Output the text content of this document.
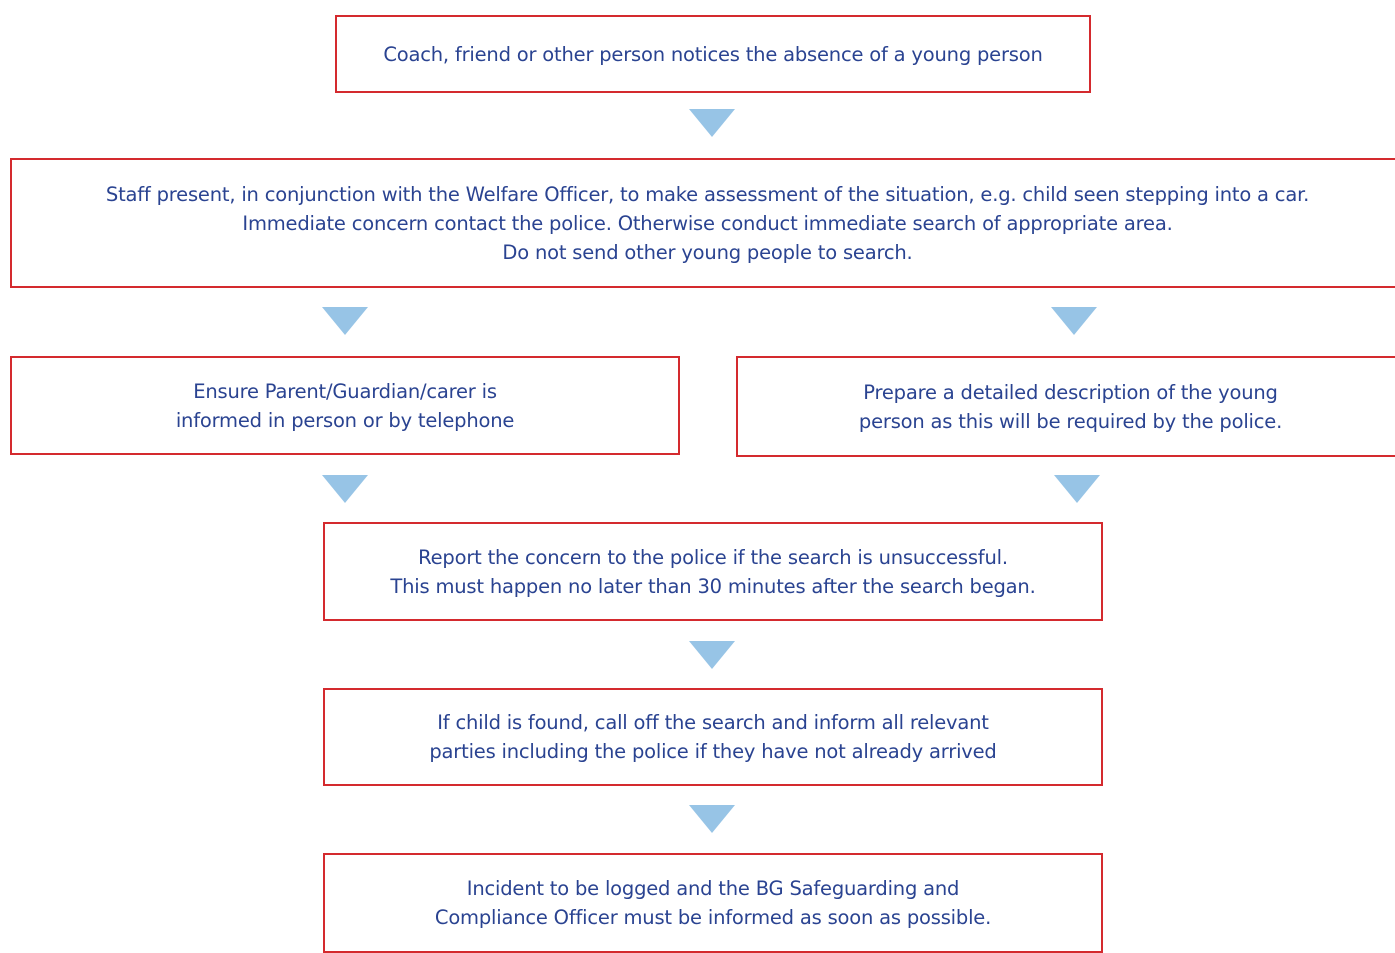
Coach, friend or other person notices the absence of a young person
Staff present, in conjunction with the Welfare Officer, to make assessment of the situation, e.g. child seen stepping into a car.
Immediate concern contact the police. Otherwise conduct immediate search of appropriate area.
Do not send other young people to search.
Ensure Parent/Guardian/carer is
informed in person or by telephone
Prepare a detailed description of the young
person as this will be required by the police.
Report the concern to the police if the search is unsuccessful.
This must happen no later than 30 minutes after the search began.
If child is found, call off the search and inform all relevant
parties including the police if they have not already arrived
Incident to be logged and the BG Safeguarding and
Compliance Officer must be informed as soon as possible.
